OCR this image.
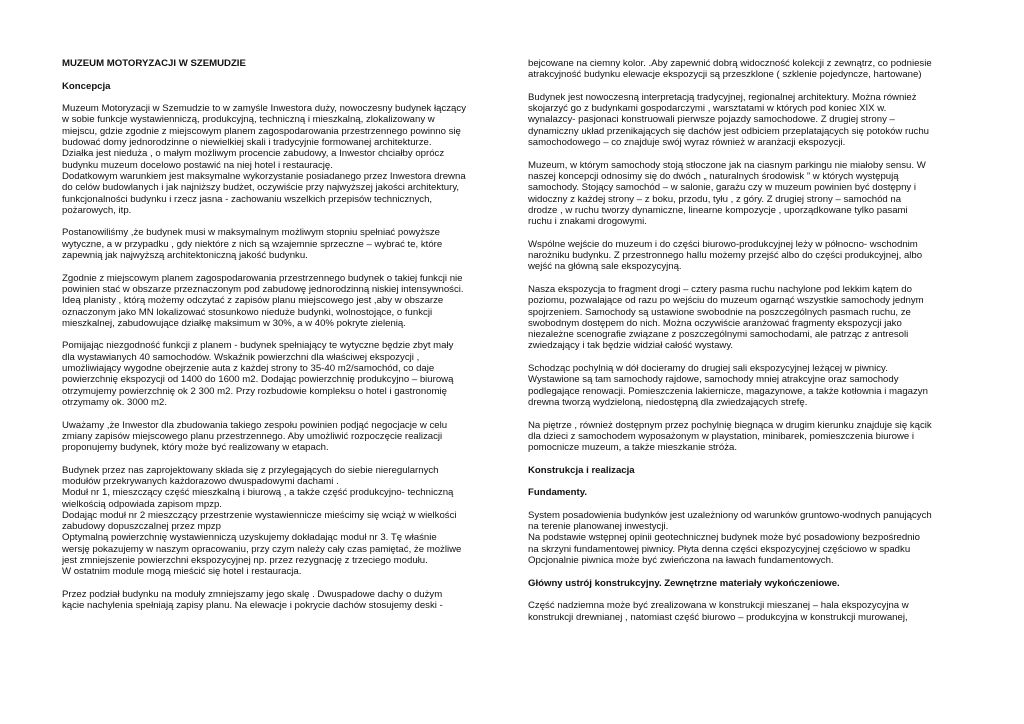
MUZEUM MOTORYZACJI W SZEMUDZIE
Koncepcja

Muzeum Motoryzacji w Szemudzie to w zamyśle Inwestora duży, nowoczesny budynek łączący
w sobie funkcje wystawienniczą, produkcyjną, techniczną i mieszkalną, zlokalizowany w
miejscu, gdzie zgodnie z miejscowym planem zagospodarowania przestrzennego powinno się
budować domy jednorodzinne o niewielkiej skali i tradycyjnie formowanej architekturze.
Działka jest nieduża , o małym możliwym procencie zabudowy, a Inwestor chciałby oprócz
budynku muzeum docelowo postawić na niej hotel i restaurację.
Dodatkowym warunkiem jest maksymalne wykorzystanie posiadanego przez Inwestora drewna
do celów budowlanych i jak najniższy budżet, oczywiście przy najwyższej jakości architektury,
funkcjonalności budynku i rzecz jasna - zachowaniu wszelkich przepisów technicznych,
pożarowych, itp.

Postanowiliśmy ,że budynek musi w maksymalnym możliwym stopniu spełniać powyższe
wytyczne, a w przypadku , gdy niektóre z nich są wzajemnie sprzeczne – wybrać te, które
zapewnią jak najwyższą architektoniczną jakość budynku.

Zgodnie z miejscowym planem zagospodarowania przestrzennego budynek o takiej funkcji nie
powinien stać w obszarze przeznaczonym pod zabudowę jednorodzinną niskiej intensywności.
Ideą planisty , którą możemy odczytać z zapisów planu miejscowego jest ,aby w obszarze
oznaczonym jako MN lokalizować stosunkowo nieduże budynki, wolnostojące, o funkcji
mieszkalnej, zabudowujące działkę maksimum w 30%, a w 40% pokryte zielenią.

Pomijając niezgodność funkcji z planem - budynek spełniający te wytyczne będzie zbyt mały
dla wystawianych 40 samochodów. Wskaźnik powierzchni dla właściwej ekspozycji ,
umożliwiający wygodne obejrzenie auta z każdej strony to 35-40 m2/samochód, co daje
powierzchnię ekspozycji od 1400 do 1600 m2. Dodając powierzchnię produkcyjno – biurową
otrzymujemy powierzchnię ok 2 300 m2. Przy rozbudowie kompleksu o hotel i gastronomię
otrzymamy ok. 3000 m2.

Uważamy ,że Inwestor dla zbudowania takiego zespołu powinien podjąć negocjacje w celu
zmiany zapisów miejscowego planu przestrzennego. Aby umożliwić rozpoczęcie realizacji
proponujemy budynek, który może być realizowany w etapach.

Budynek przez nas zaprojektowany składa się z przylegających do siebie nieregularnych
modułów przekrywanych każdorazowo dwuspadowymi dachami .
Moduł nr 1, mieszczący część mieszkalną i biurową , a także część produkcyjno- techniczną
wielkością odpowiada zapisom mpzp.
Dodając moduł nr 2 mieszczący przestrzenie wystawiennicze mieścimy się wciąż w wielkości
zabudowy dopuszczalnej przez mpzp
Optymalną powierzchnię wystawienniczą uzyskujemy dokładając moduł nr 3. Tę właśnie
wersję pokazujemy w naszym opracowaniu, przy czym należy cały czas pamiętać, że możliwe
jest zmniejszenie powierzchni ekspozycyjnej np. przez rezygnację z trzeciego modułu.
W ostatnim module mogą mieścić się hotel i restauracja.

Przez podział budynku na moduły zmniejszamy jego skalę . Dwuspadowe dachy o dużym
kącie nachylenia spełniają zapisy planu. Na elewacje i pokrycie dachów stosujemy deski -

bejcowane na ciemny kolor. .Aby zapewnić dobrą widoczność kolekcji z zewnątrz, co podniesie
atrakcyjność budynku elewacje ekspozycji są przeszklone ( szklenie pojedyncze, hartowane)

Budynek jest nowoczesną interpretacją tradycyjnej, regionalnej architektury. Można również
skojarzyć go z budynkami gospodarczymi , warsztatami w których pod koniec XIX w.
wynalazcy- pasjonaci konstruowali pierwsze pojazdy samochodowe. Z drugiej strony –
dynamiczny układ przenikających się dachów jest odbiciem przeplatających się potoków ruchu
samochodowego – co znajduje swój wyraz również w aranżacji ekspozycji.

Muzeum, w którym samochody stoją stłoczone jak na ciasnym parkingu nie miałoby sensu. W
naszej koncepcji odnosimy się do dwóch „ naturalnych środowisk ” w których występują
samochody. Stojący samochód – w salonie, garażu czy w muzeum powinien być dostępny i
widoczny z każdej strony – z boku, przodu, tyłu , z góry. Z drugiej strony – samochód na
drodze , w ruchu tworzy dynamiczne, linearne kompozycje , uporządkowane tylko pasami
ruchu i znakami drogowymi.

Wspólne wejście do muzeum i do części biurowo-produkcyjnej leży w północno- wschodnim
narożniku budynku. Z przestronnego hallu możemy przejść albo do części produkcyjnej, albo
wejść na główną sale ekspozycyjną.

Nasza ekspozycja to fragment drogi – cztery pasma ruchu nachylone pod lekkim kątem do
poziomu, pozwalające od razu po wejściu do muzeum ogarnąć wszystkie samochody jednym
spojrzeniem. Samochody są ustawione swobodnie na poszczególnych pasmach ruchu, ze
swobodnym dostępem do nich. Można oczywiście aranżować fragmenty ekspozycji jako
niezależne scenografie związane z poszczególnymi samochodami, ale patrząc z antresoli
zwiedzający i tak będzie widział całość wystawy.

Schodząc pochylnią w dół docieramy do drugiej sali ekspozycyjnej leżącej w piwnicy.
Wystawione są tam samochody rajdowe, samochody mniej atrakcyjne oraz samochody
podlegające renowacji. Pomieszczenia lakiernicze, magazynowe, a także kotłownia i magazyn
drewna tworzą wydzieloną, niedostępną dla zwiedzających strefę.

Na piętrze , również dostępnym przez pochylnię biegnąca w drugim kierunku znajduje się kącik
dla dzieci z samochodem wyposażonym w playstation, minibarek, pomieszczenia biurowe i
pomocnicze muzeum, a także mieszkanie stróża.

Konstrukcja i realizacja
Fundamenty.

System posadowienia budynków jest uzależniony od warunków gruntowo-wodnych panujących
na terenie planowanej inwestycji.
Na podstawie wstępnej opinii geotechnicznej budynek może być posadowiony bezpośrednio
na skrzyni fundamentowej piwnicy. Płyta denna części ekspozycyjnej częściowo w spadku
Opcjonalnie piwnica może być zwieńczona na ławach fundamentowych.

Główny ustrój konstrukcyjny. Zewnętrzne materiały wykończeniowe.

Część nadziemna może być zrealizowana w konstrukcji mieszanej – hala ekspozycyjna w
konstrukcji drewnianej , natomiast część biurowo – produkcyjna w konstrukcji murowanej,
